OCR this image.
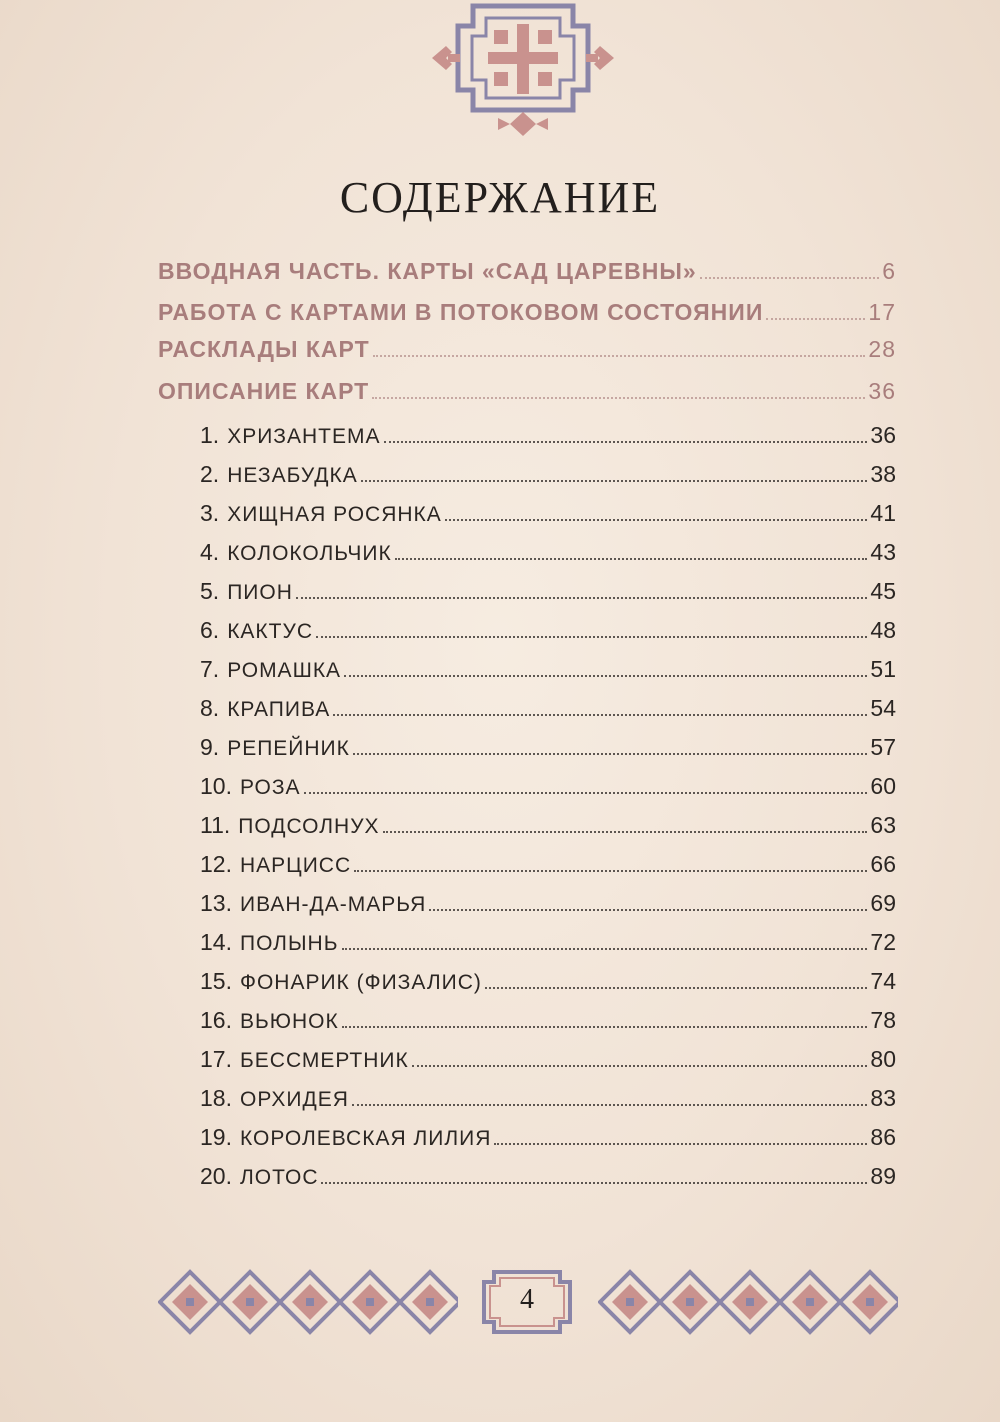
СОДЕРЖАНИЕ
ВВОДНАЯ ЧАСТЬ. КАРТЫ «САД ЦАРЕВНЫ»	6
РАБОТА С КАРТАМИ В ПОТОКОВОМ СОСТОЯНИИ	17
РАСКЛАДЫ КАРТ	28
ОПИСАНИЕ КАРТ	36
1. ХРИЗАНТЕМА	36
2. НЕЗАБУДКА	38
3. ХИЩНАЯ РОСЯНКА	41
4. КОЛОКОЛЬЧИК	43
5. ПИОН	45
6. КАКТУС	48
7. РОМАШКА	51
8. КРАПИВА	54
9. РЕПЕЙНИК	57
10. РОЗА	60
11. ПОДСОЛНУХ	63
12. НАРЦИСС	66
13. ИВАН-ДА-МАРЬЯ	69
14. ПОЛЫНЬ	72
15. ФОНАРИК (ФИЗАЛИС)	74
16. ВЬЮНОК	78
17. БЕССМЕРТНИК	80
18. ОРХИДЕЯ	83
19. КОРОЛЕВСКАЯ ЛИЛИЯ	86
20. ЛОТОС	89
4
